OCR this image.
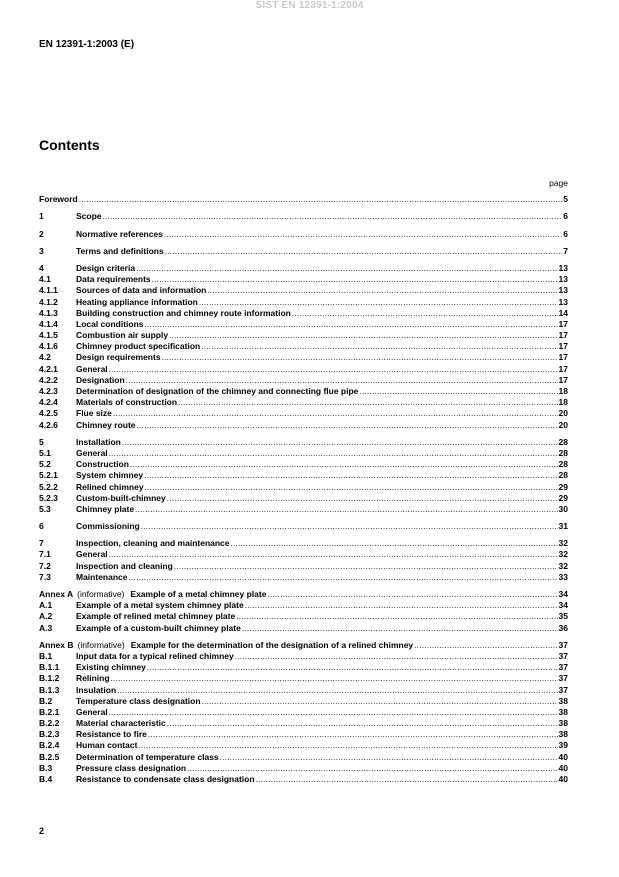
SIST EN 12391-1:2004
EN 12391-1:2003 (E)
Contents
page
Foreword .....	5
1	Scope .....	6
2	Normative references .....	6
3	Terms and definitions .....	7
4	Design criteria .....	13
4.1	Data requirements .....	13
4.1.1	Sources of data and information .....	13
4.1.2	Heating appliance information .....	13
4.1.3	Building construction and chimney route information .....	14
4.1.4	Local conditions .....	17
4.1.5	Combustion air supply .....	17
4.1.6	Chimney product specification .....	17
4.2	Design requirements .....	17
4.2.1	General .....	17
4.2.2	Designation .....	17
4.2.3	Determination of designation of the chimney and connecting flue pipe .....	18
4.2.4	Materials of construction .....	18
4.2.5	Flue size .....	20
4.2.6	Chimney route .....	20
5	Installation .....	28
5.1	General .....	28
5.2	Construction .....	28
5.2.1	System chimney .....	28
5.2.2	Relined chimney .....	29
5.2.3	Custom-built-chimney .....	29
5.3	Chimney plate .....	30
6	Commissioning .....	31
7	Inspection, cleaning and maintenance .....	32
7.1	General .....	32
7.2	Inspection and cleaning .....	32
7.3	Maintenance .....	33
Annex A (informative) Example of a metal chimney plate .....	34
A.1	Example of a metal system chimney plate .....	34
A.2	Example of relined metal chimney plate .....	35
A.3	Example of a custom-built chimney plate .....	36
Annex B (informative) Example for the determination of the designation of a relined chimney .....	37
B.1	Input data for a typical relined chimney .....	37
B.1.1	Existing chimney .....	37
B.1.2	Relining .....	37
B.1.3	Insulation .....	37
B.2	Temperature class designation .....	38
B.2.1	General .....	38
B.2.2	Material characteristic .....	38
B.2.3	Resistance to fire .....	38
B.2.4	Human contact .....	39
B.2.5	Determination of temperature class .....	40
B.3	Pressure class designation .....	40
B.4	Resistance to condensate class designation .....	40
2
